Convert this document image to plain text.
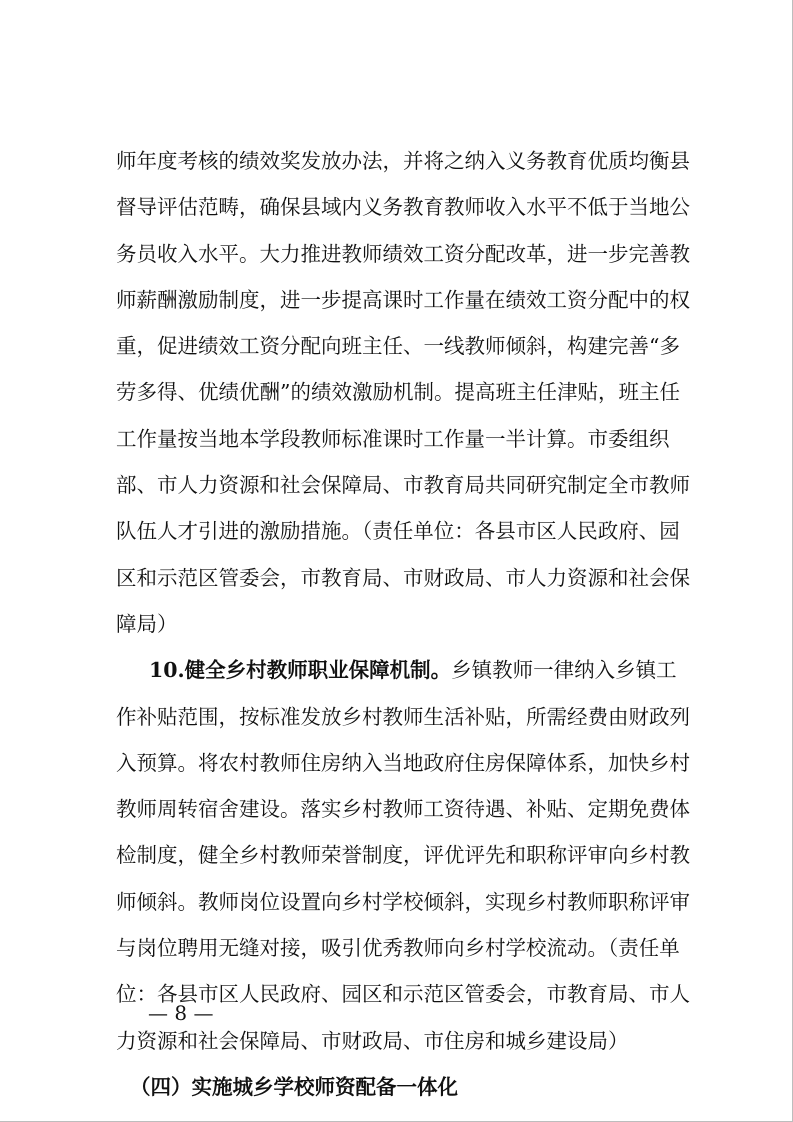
师年度考核的绩效奖发放办法，并将之纳入义务教育优质均衡县
督导评估范畴，确保县域内义务教育教师收入水平不低于当地公
务员收入水平。大力推进教师绩效工资分配改革，进一步完善教
师薪酬激励制度，进一步提高课时工作量在绩效工资分配中的权
重，促进绩效工资分配向班主任、一线教师倾斜，构建完善“多
劳多得、优绩优酬”的绩效激励机制。提高班主任津贴，班主任
工作量按当地本学段教师标准课时工作量一半计算。市委组织
部、市人力资源和社会保障局、市教育局共同研究制定全市教师
队伍人才引进的激励措施。（责任单位：各县市区人民政府、园
区和示范区管委会，市教育局、市财政局、市人力资源和社会保
障局）
10.健全乡村教师职业保障机制。乡镇教师一律纳入乡镇工
作补贴范围，按标准发放乡村教师生活补贴，所需经费由财政列
入预算。将农村教师住房纳入当地政府住房保障体系，加快乡村
教师周转宿舍建设。落实乡村教师工资待遇、补贴、定期免费体
检制度，健全乡村教师荣誉制度，评优评先和职称评审向乡村教
师倾斜。教师岗位设置向乡村学校倾斜，实现乡村教师职称评审
与岗位聘用无缝对接，吸引优秀教师向乡村学校流动。（责任单
位：各县市区人民政府、园区和示范区管委会，市教育局、市人
力资源和社会保障局、市财政局、市住房和城乡建设局）
（四）实施城乡学校师资配备一体化
— 8 —
